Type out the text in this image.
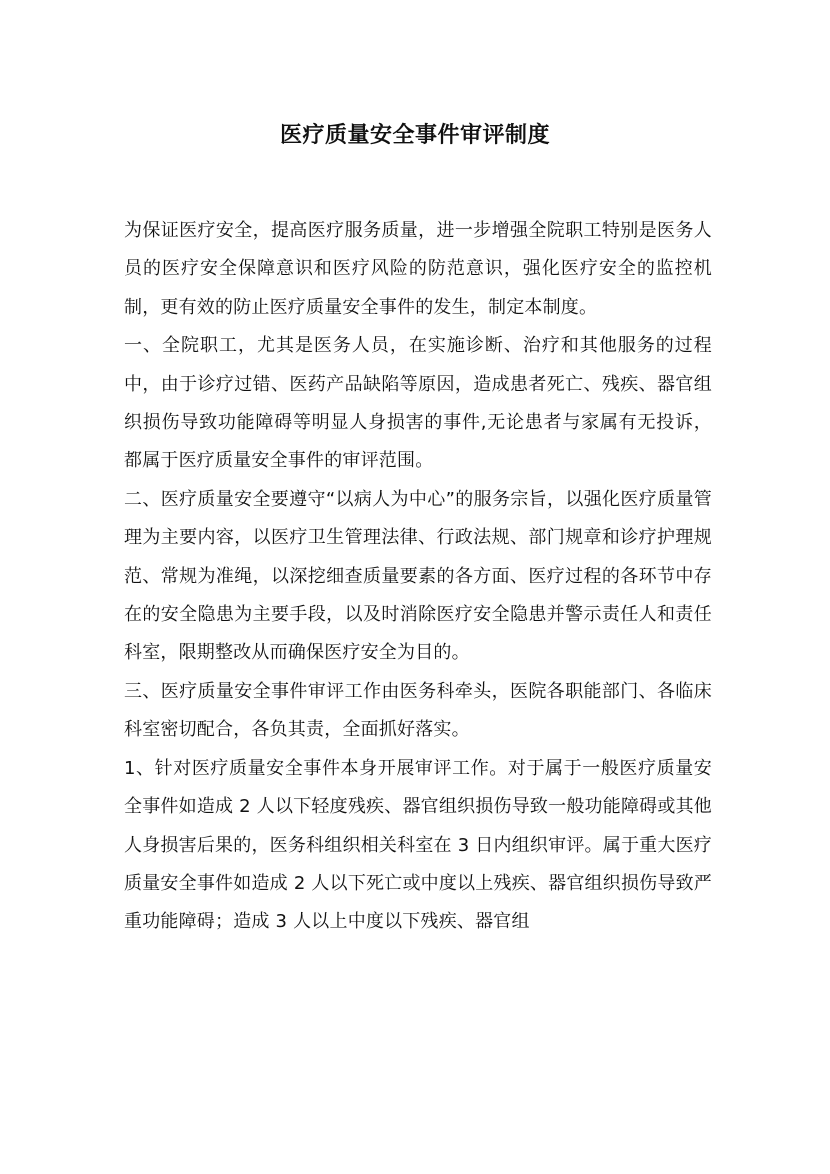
医疗质量安全事件审评制度

为保证医疗安全，提高医疗服务质量，进一步增强全院职工特别是医务人员的医疗安全保障意识和医疗风险的防范意识，强化医疗安全的监控机制，更有效的防止医疗质量安全事件的发生，制定本制度。

一、全院职工，尤其是医务人员，在实施诊断、治疗和其他服务的过程中，由于诊疗过错、医药产品缺陷等原因，造成患者死亡、残疾、器官组织损伤导致功能障碍等明显人身损害的事件,无论患者与家属有无投诉，都属于医疗质量安全事件的审评范围。

二、医疗质量安全要遵守“以病人为中心”的服务宗旨，以强化医疗质量管理为主要内容，以医疗卫生管理法律、行政法规、部门规章和诊疗护理规范、常规为准绳，以深挖细查质量要素的各方面、医疗过程的各环节中存在的安全隐患为主要手段，以及时消除医疗安全隐患并警示责任人和责任科室，限期整改从而确保医疗安全为目的。

三、医疗质量安全事件审评工作由医务科牵头，医院各职能部门、各临床科室密切配合，各负其责，全面抓好落实。

1、针对医疗质量安全事件本身开展审评工作。对于属于一般医疗质量安全事件如造成 2 人以下轻度残疾、器官组织损伤导致一般功能障碍或其他人身损害后果的，医务科组织相关科室在 3 日内组织审评。属于重大医疗质量安全事件如造成 2 人以下死亡或中度以上残疾、器官组织损伤导致严重功能障碍；造成 3 人以上中度以下残疾、器官组
